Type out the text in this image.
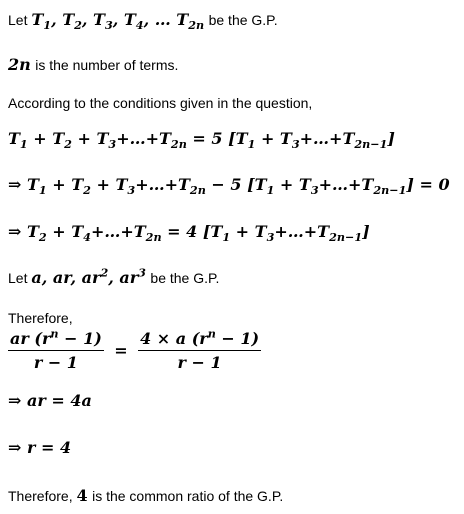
Let $T_1$, $T_2$, $T_3$, $T_4$, … $T_{2n}$ be the G.P.
2n is the number of terms.
According to the conditions given in the question,
$T_1 + T_2$ + $T_3+\dots+T_{2n} = 5$ [$T_1$ + $T_3+\dots+T_{2n-1}$]
⇒ $T_1 + T_2$ + $T_3+\dots+T_{2n} - 5$ [$T_1$ + $T_3+\dots+T_{2n-1}] = 0$
⇒ $T_2$ + $T_4+\dots+T_{2n} = 4$ [$T_1$ + $T_3+\dots+T_{2n-1}$]
Let a, ar, $ar^2$, $ar^3$ be the G.P.
Therefore,
$\frac{ar (r^n - 1)}{r - 1} = \frac{4 \times a (r^n - 1)}{r - 1}$
⇒ ar = 4a
⇒ r = 4
Therefore, 4 is the common ratio of the G.P.
